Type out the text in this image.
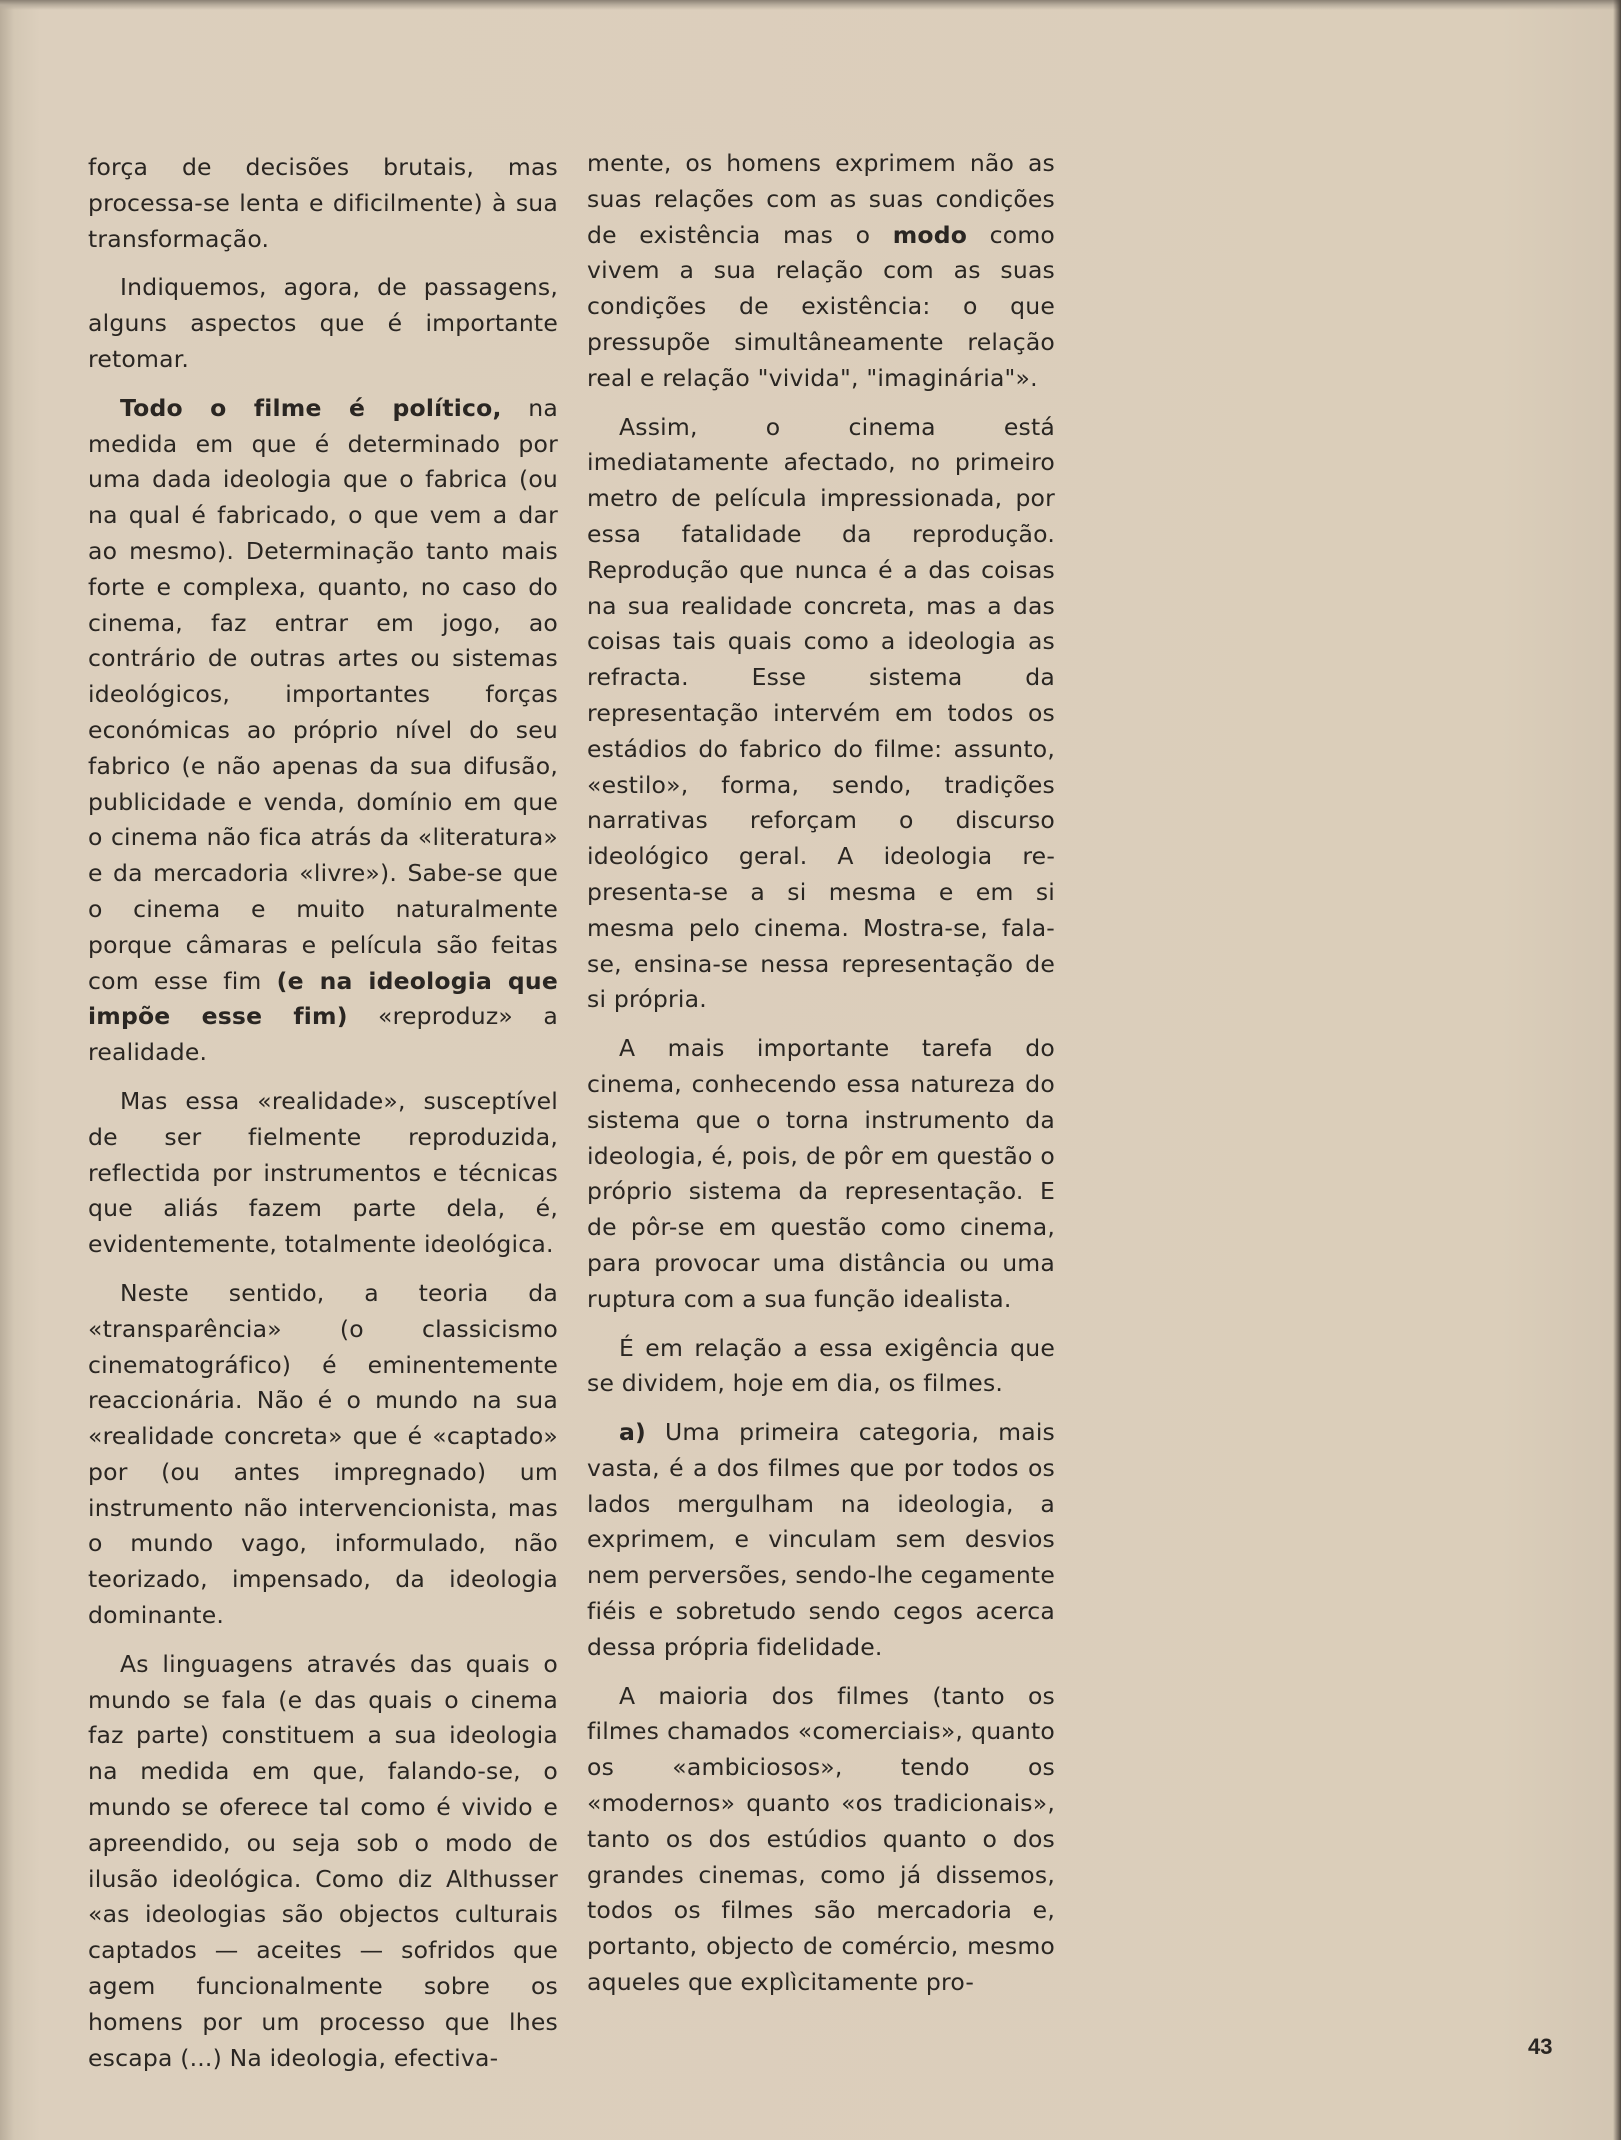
força de decisões brutais, mas processa-se lenta e dificilmente) à sua transformação.

Indiquemos, agora, de passagens, alguns aspectos que é importante retomar.

Todo o filme é político, na medida em que é determinado por uma dada ideologia que o fabrica (ou na qual é fabricado, o que vem a dar ao mesmo). Determinação tanto mais forte e complexa, quanto, no caso do cinema, faz entrar em jogo, ao contrário de outras artes ou sistemas ideológicos, importantes forças económicas ao próprio nível do seu fabrico (e não apenas da sua difusão, publicidade e venda, domínio em que o cinema não fica atrás da «literatura» e da mercadoria «livre»). Sabe-se que o cinema e muito naturalmente porque câmaras e película são feitas com esse fim (e na ideologia que impõe esse fim) «reproduz» a realidade.

Mas essa «realidade», susceptível de ser fielmente reproduzida, reflectida por instrumentos e técnicas que aliás fazem parte dela, é, evidentemente, totalmente ideológica.

Neste sentido, a teoria da «transparência» (o classicismo cinematográfico) é eminentemente reaccionária. Não é o mundo na sua «realidade concreta» que é «captado» por (ou antes impregnado) um instrumento não intervencionista, mas o mundo vago, informulado, não teorizado, impensado, da ideologia dominante.

As linguagens através das quais o mundo se fala (e das quais o cinema faz parte) constituem a sua ideologia na medida em que, falando-se, o mundo se oferece tal como é vivido e apreendido, ou seja sob o modo de ilusão ideológica. Como diz Althusser «as ideologias são objectos culturais captados — aceites — sofridos que agem funcionalmente sobre os homens por um processo que lhes escapa (...) Na ideologia, efectiva-

mente, os homens exprimem não as suas relações com as suas condições de existência mas o modo como vivem a sua relação com as suas condições de existência: o que pressupõe simultâneamente relação real e relação "vivida", "imaginária"».

Assim, o cinema está imediatamente afectado, no primeiro metro de película impressionada, por essa fatalidade da reprodução. Reprodução que nunca é a das coisas na sua realidade concreta, mas a das coisas tais quais como a ideologia as refracta. Esse sistema da representação intervém em todos os estádios do fabrico do filme: assunto, «estilo», forma, sendo, tradições narrativas reforçam o discurso ideológico geral. A ideologia re-presenta-se a si mesma e em si mesma pelo cinema. Mostra-se, fala-se, ensina-se nessa representação de si própria.

A mais importante tarefa do cinema, conhecendo essa natureza do sistema que o torna instrumento da ideologia, é, pois, de pôr em questão o próprio sistema da representação. E de pôr-se em questão como cinema, para provocar uma distância ou uma ruptura com a sua função idealista.

É em relação a essa exigência que se dividem, hoje em dia, os filmes.

a) Uma primeira categoria, mais vasta, é a dos filmes que por todos os lados mergulham na ideologia, a exprimem, e vinculam sem desvios nem perversões, sendo-lhe cegamente fiéis e sobretudo sendo cegos acerca dessa própria fidelidade.

A maioria dos filmes (tanto os filmes chamados «comerciais», quanto os «ambiciosos», tendo os «modernos» quanto «os tradicionais», tanto os dos estúdios quanto o dos grandes cinemas, como já dissemos, todos os filmes são mercadoria e, portanto, objecto de comércio, mesmo aqueles que explìcitamente pro-

43
